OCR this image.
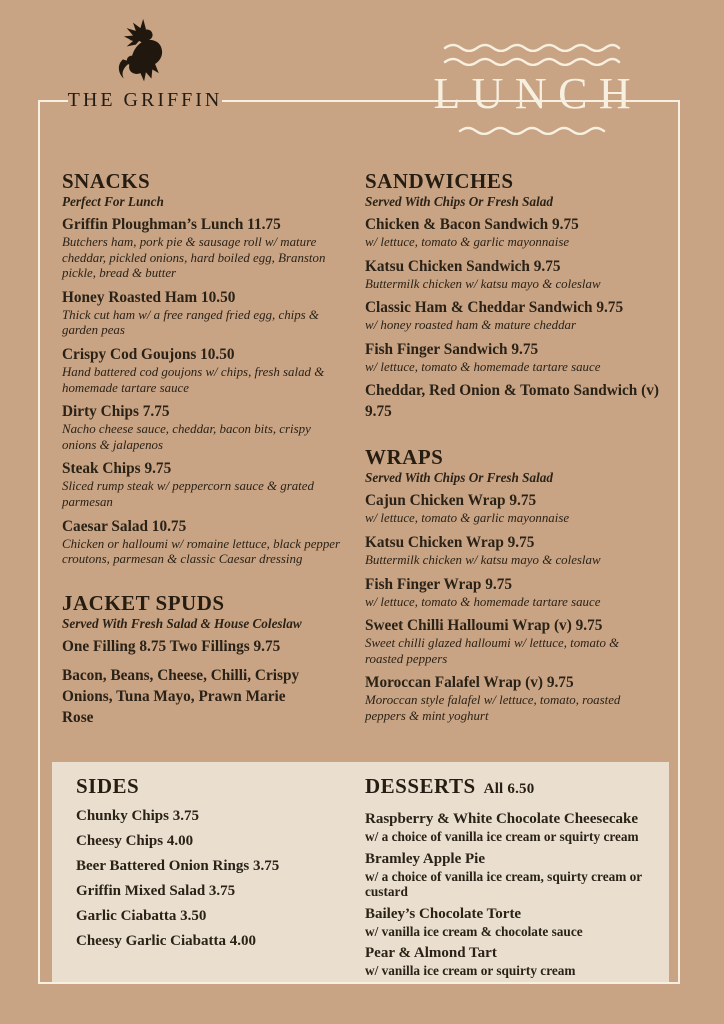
THE GRIFFIN	LUNCH
SNACKS

Perfect For Lunch

Griffin Ploughman’s Lunch 11.75
Butchers ham, pork pie & sausage roll w/ mature cheddar, pickled onions, hard boiled egg, Branston pickle, bread & butter
Honey Roasted Ham 10.50
Thick cut ham w/ a free ranged fried egg, chips & garden peas
Crispy Cod Goujons 10.50
Hand battered cod goujons w/ chips, fresh salad & homemade tartare sauce
Dirty Chips 7.75
Nacho cheese sauce, cheddar, bacon bits, crispy onions & jalapenos
Steak Chips 9.75
Sliced rump steak w/ peppercorn sauce & grated parmesan
Caesar Salad 10.75
Chicken or halloumi w/ romaine lettuce, black pepper croutons, parmesan & classic Caesar dressing
JACKET SPUDS

Served With Fresh Salad & House Coleslaw

One Filling 8.75 Two Fillings 9.75
Bacon, Beans, Cheese, Chilli, Crispy Onions, Tuna Mayo, Prawn Marie Rose
SANDWICHES

Served With Chips Or Fresh Salad

Chicken & Bacon Sandwich 9.75
w/ lettuce, tomato & garlic mayonnaise
Katsu Chicken Sandwich 9.75
Buttermilk chicken w/ katsu mayo & coleslaw
Classic Ham & Cheddar Sandwich 9.75
w/ honey roasted ham & mature cheddar
Fish Finger Sandwich 9.75
w/ lettuce, tomato & homemade tartare sauce
Cheddar, Red Onion & Tomato Sandwich (v) 9.75
WRAPS

Served With Chips Or Fresh Salad

Cajun Chicken Wrap 9.75
w/ lettuce, tomato & garlic mayonnaise
Katsu Chicken Wrap 9.75
Buttermilk chicken w/ katsu mayo & coleslaw
Fish Finger Wrap 9.75
w/ lettuce, tomato & homemade tartare sauce
Sweet Chilli Halloumi Wrap (v) 9.75
Sweet chilli glazed halloumi w/ lettuce, tomato & roasted peppers
Moroccan Falafel Wrap (v) 9.75
Moroccan style falafel w/ lettuce, tomato, roasted peppers & mint yoghurt
SIDES
Chunky Chips 3.75
Cheesy Chips 4.00
Beer Battered Onion Rings 3.75
Griffin Mixed Salad 3.75
Garlic Ciabatta 3.50
Cheesy Garlic Ciabatta 4.00
DESSERTS All 6.50
Raspberry & White Chocolate Cheesecake
w/ a choice of vanilla ice cream or squirty cream
Bramley Apple Pie
w/ a choice of vanilla ice cream, squirty cream or custard
Bailey’s Chocolate Torte
w/ vanilla ice cream & chocolate sauce
Pear & Almond Tart
w/ vanilla ice cream or squirty cream
